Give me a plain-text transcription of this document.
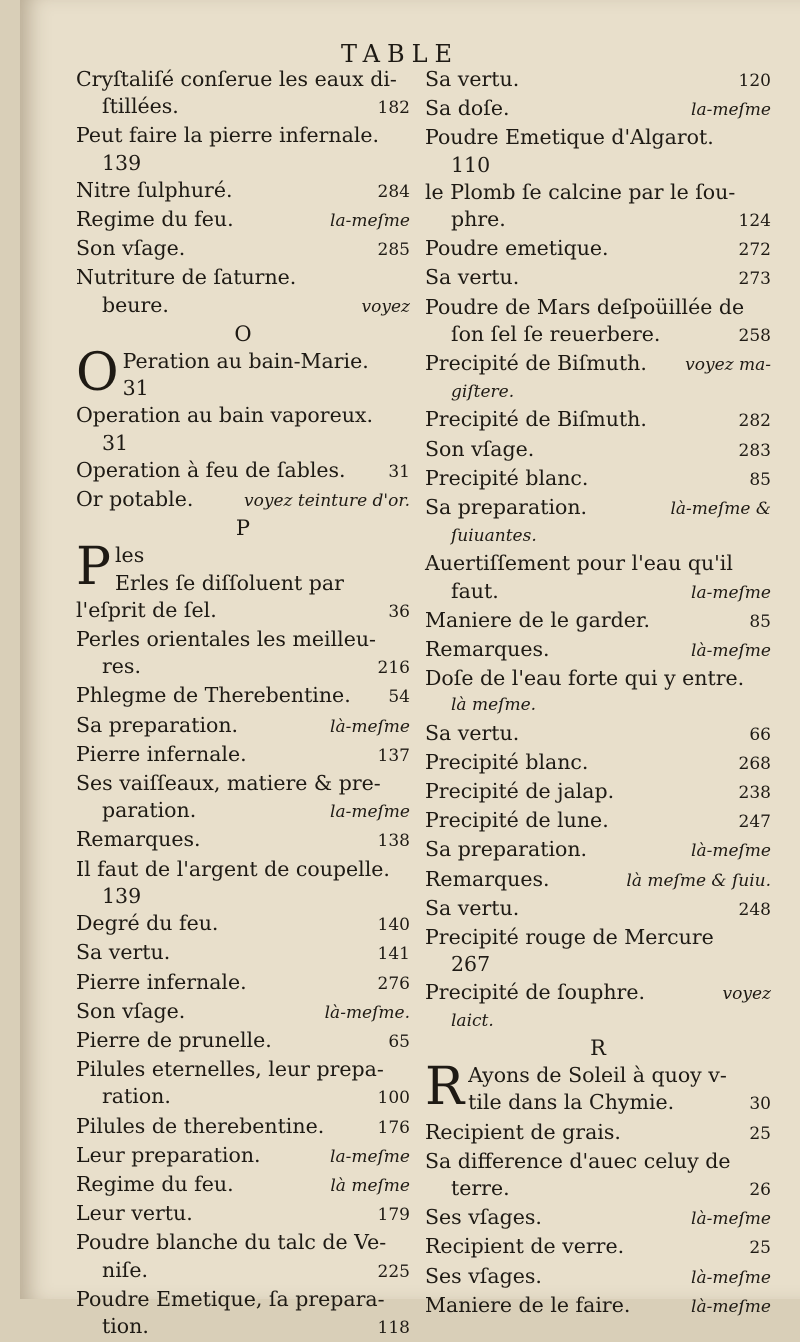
TABLE
Cryſtaliſé conſerue les eaux di-
ſtillées.	182
Peut faire la pierre infernale.
139
Nitre ſulphuré.	284
Regime du feu.	la-meſme
Son vſage.	285
Nutriture de ſaturne.
beure.	voyez
O
O Peration au bain-Marie.
31
Operation au bain vaporeux.
31
Operation à feu de ſables.	31
Or potable.	voyez teinture d'or.
P
les
P Erles ſe diſſoluent par
l'eſprit de ſel.	36
Perles orientales les meilleu-
res.	216
Phlegme de Therebentine. 54
Sa preparation.	là-meſme
Pierre infernale.	137
Ses vaiſſeaux, matiere & pre-
paration.	la-meſme
Remarques.	138
Il faut de l'argent de coupelle.
139
Degré du feu.	140
Sa vertu.	141
Pierre infernale.	276
Son vſage.	là-meſme.
Pierre de prunelle.	65
Pilules eternelles, leur prepa-
ration.	100
Pilules de therebentine.	176
Leur preparation.	la-meſme
Regime du feu.	là meſme
Leur vertu.	179
Poudre blanche du talc de Ve-
niſe.	225
Poudre Emetique, ſa prepara-
tion.	118
Sa vertu.	120
Sa doſe.	la-meſme
Poudre Emetique d'Algarot.
110
le Plomb ſe calcine par le ſou-
phre.	124
Poudre emetique.	272
Sa vertu.	273
Poudre de Mars deſpoüillée de
ſon ſel ſe reuerbere.	258
Precipité de Biſmuth. voyez ma-
giſtere.
Precipité de Biſmuth.	282
Son vſage.	283
Precipité blanc.	85
Sa preparation.	là-meſme &
ſuiuantes.
Auertiſſement pour l'eau qu'il
faut.	la-meſme
Maniere de le garder.	85
Remarques.	là-meſme
Doſe de l'eau forte qui y entre.
là meſme.
Sa vertu.	66
Precipité blanc.	268
Precipité de jalap.	238
Precipité de lune.	247
Sa preparation.	là-meſme
Remarques.	là meſme & ſuiu.
Sa vertu.	248
Precipité rouge de Mercure
267
Precipité de ſouphre.	voyez
laict.
R
R Ayons de Soleil à quoy v-
tile dans la Chymie.	30
Recipient de grais.	25
Sa difference d'auec celuy de
terre.	26
Ses vſages.	là-meſme
Recipient de verre.	25
Ses vſages.	là-meſme
Maniere de le faire.	là-meſme
